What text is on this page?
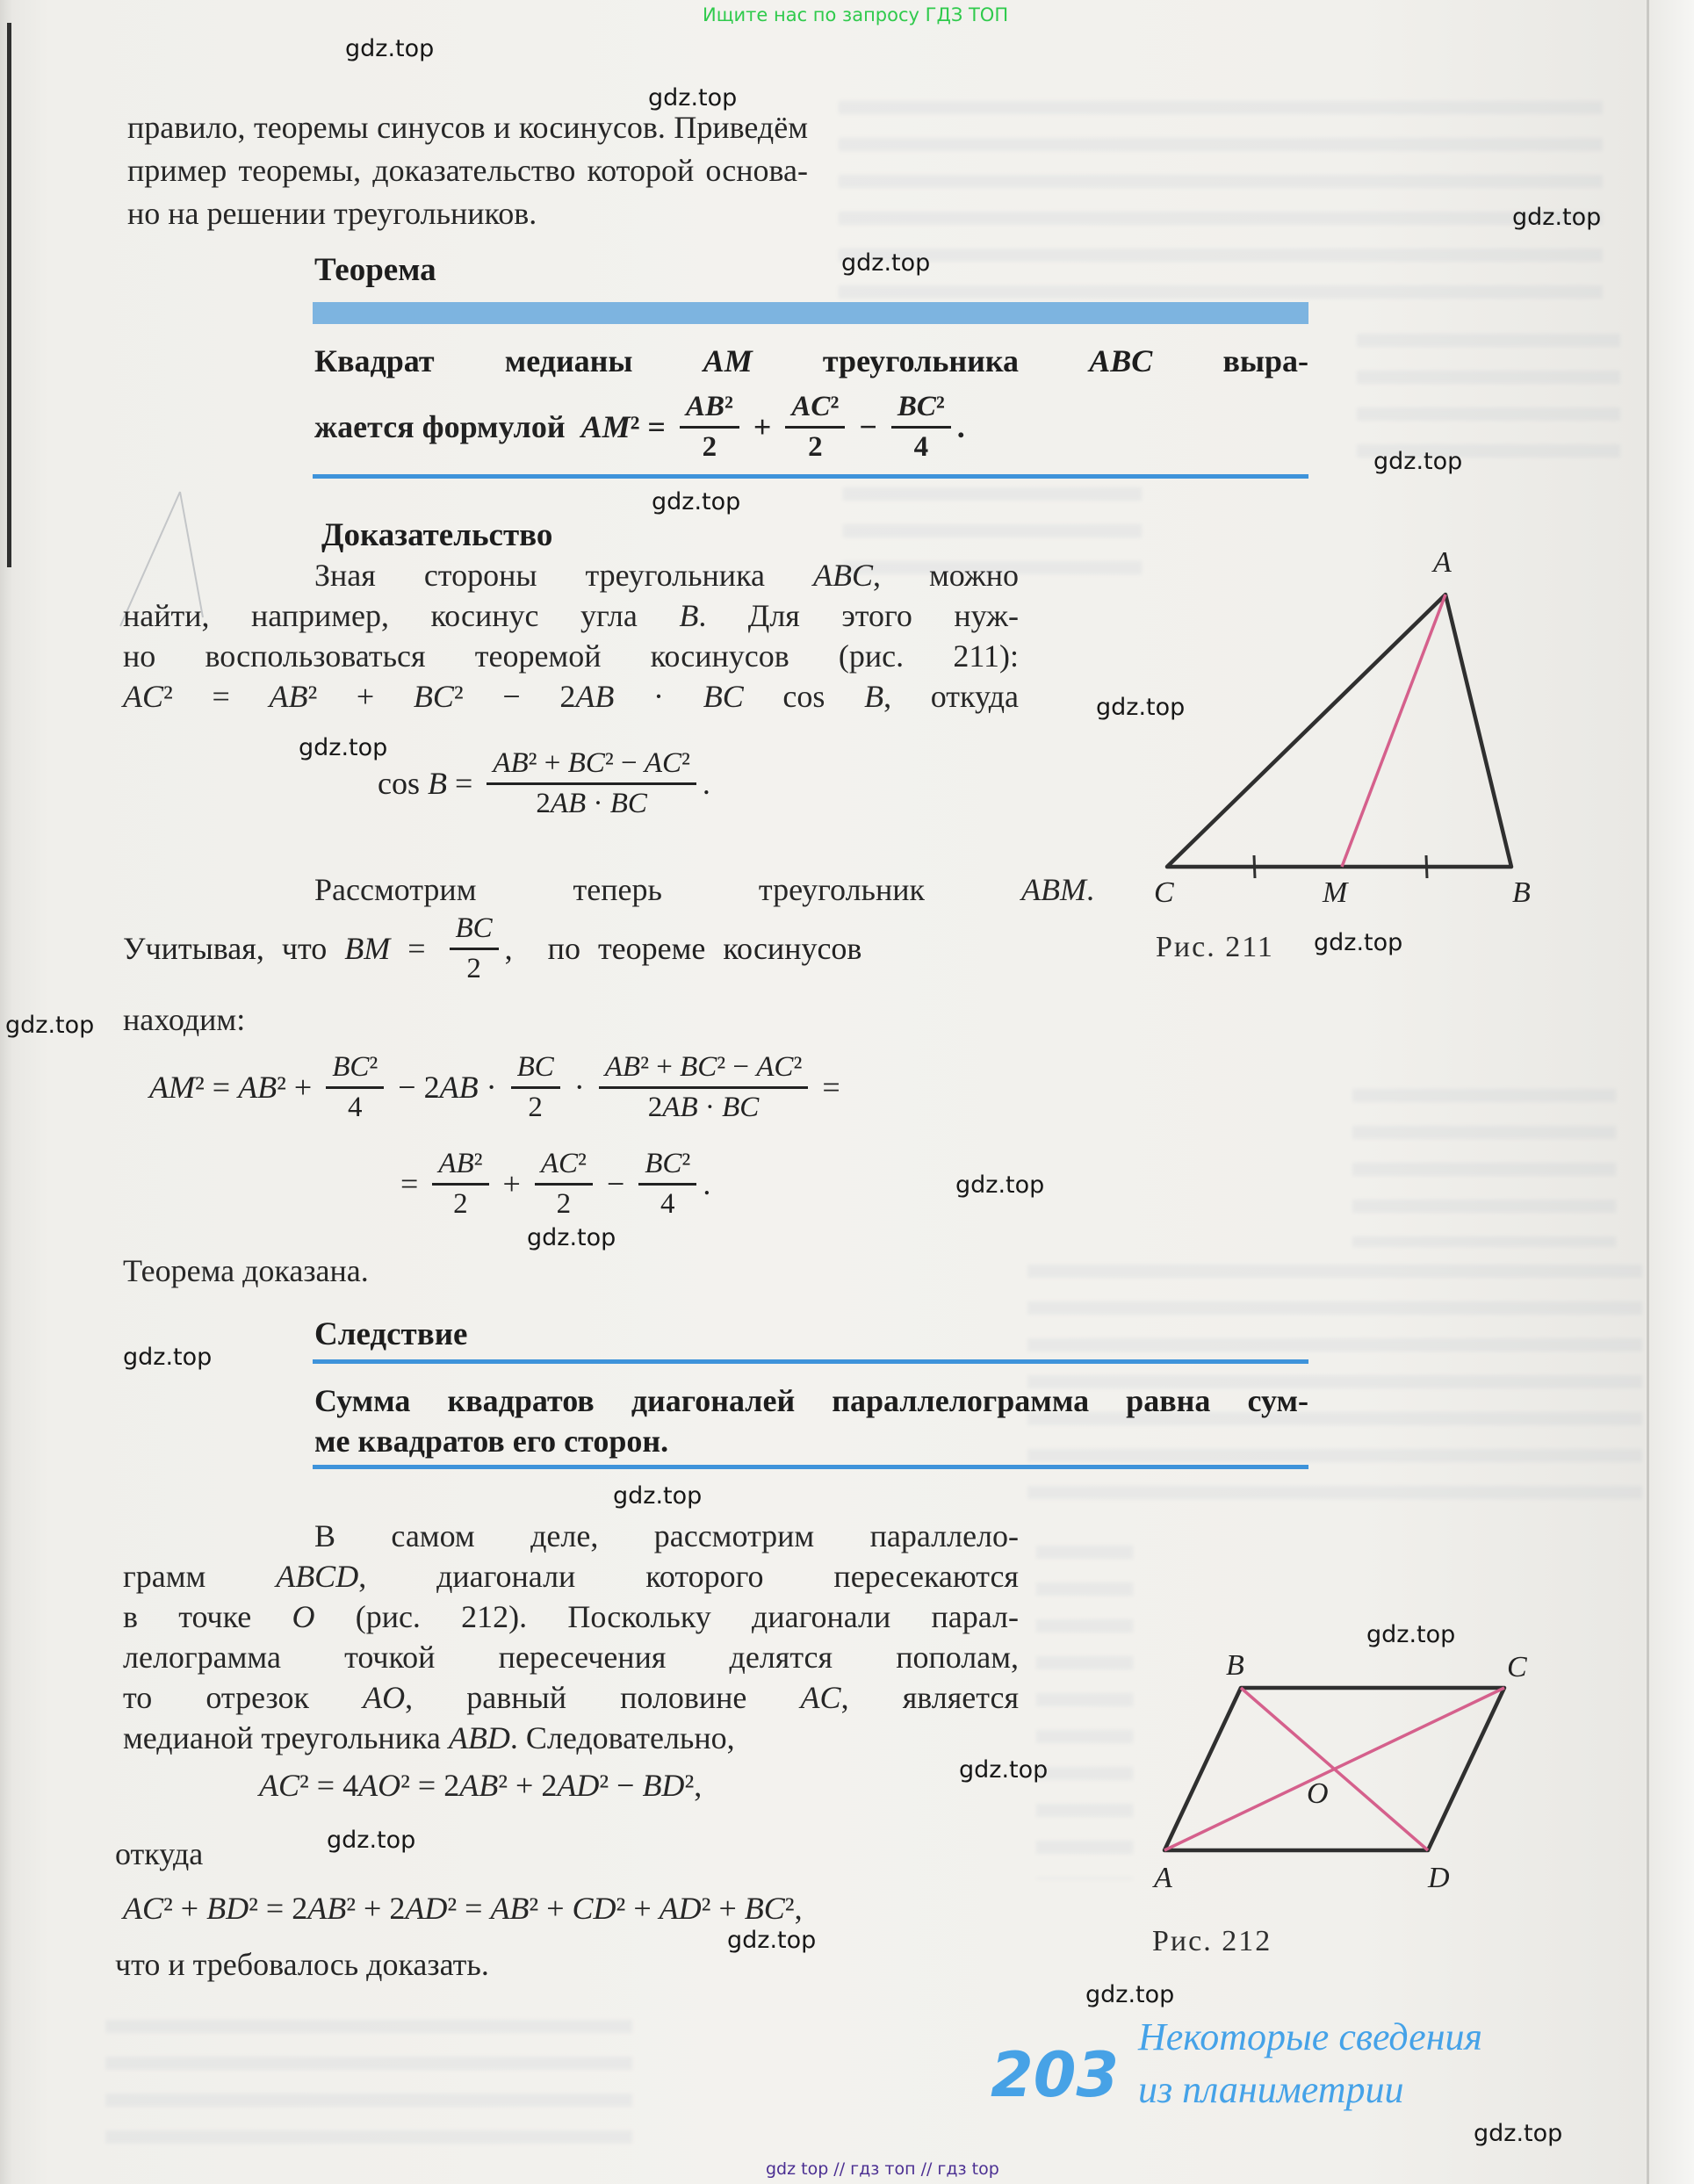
Ищите нас по запросу ГДЗ ТОП
gdz top // гдз топ // гдз top
gdz.top
gdz.top
gdz.top
gdz.top
gdz.top
gdz.top
gdz.top
gdz.top
gdz.top
gdz.top
gdz.top
gdz.top
gdz.top
gdz.top
gdz.top
gdz.top
gdz.top
gdz.top
gdz.top
gdz.top
правило, теоремы синусов и косинусов. Приведём
пример теоремы, доказательство которой основа-
но на решении треугольников.
Теорема
Квадрат медианы AM треугольника ABC выра-
жается формулой  $AM^2 = \frac{\text{AB²}}{2} + \frac{\text{AC²}}{2} - \frac{\text{BC²}}{4}$ .
Доказательство
Зная стороны треугольника ABC, можно
найти, например, косинус угла B. Для этого нуж-
но воспользоваться теоремой косинусов (рис. 211):
AC² = AB² + BC² − 2AB · BC cos B, откуда
$\cos B = \frac{\text{AB² + BC² − AC²}}{2AB \cdot BC}$ .
Рассмотрим теперь треугольник ABM.
Учитывая, что BM = $\frac{BC}{2}$ ,  по теореме косинусов
находим:
$AM^2 = AB^2 + \frac{\text{BC²}}{4} - 2AB \cdot \frac{BC}{2} \cdot \frac{\text{AB² + BC² − AC²}}{2AB \cdot BC}$ =
= $\frac{\text{AB²}}{2} + \frac{\text{AC²}}{2} - \frac{\text{BC²}}{4}$ .
Теорема доказана.
Следствие
Сумма квадратов диагоналей параллелограмма равна сум-
ме квадратов его сторон.
В самом деле, рассмотрим параллело-
грамм ABCD, диагонали которого пересекаются
в точке O (рис. 212). Поскольку диагонали парал-
лелограмма точкой пересечения делятся пополам,
то отрезок AO, равный половине AC, является
медианой треугольника ABD. Следовательно,
AC² = 4AO² = 2AB² + 2AD² − BD²,
откуда
AC² + BD² = 2AB² + 2AD² = AB² + CD² + AD² + BC²,
что и требовалось доказать.
A
C	M	B
Рис. 211
B	C
A	D
O
Рис. 212
203
Некоторые сведения
из планиметрии
